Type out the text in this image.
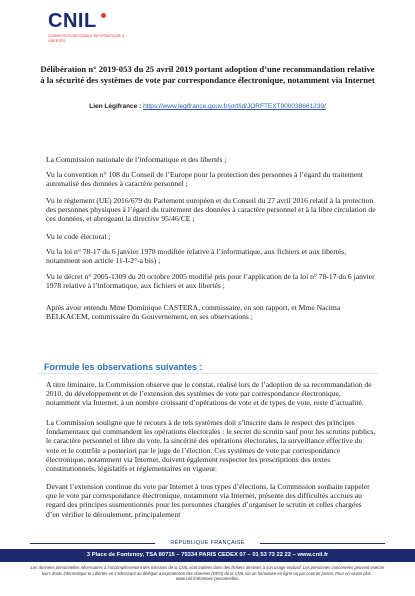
CNIL
COMMISSION NATIONALE INFORMATIQUE & LIBERTÉS
Délibération n° 2019-053 du 25 avril 2019 portant adoption d’une recommandation relative à la sécurité des systèmes de vote par correspondance électronique, notamment via Internet
Lien Légifrance : https://www.legifrance.gouv.fr/jorf/id/JORFTEXT000038661239/
La Commission nationale de l’informatique et des libertés ;
Vu la convention n° 108 du Conseil de l’Europe pour la protection des personnes à l’égard du traitement automatisé des données à caractère personnel ;
Vu le règlement (UE) 2016/679 du Parlement européen et du Conseil du 27 avril 2016 relatif à la protection des personnes physiques à l’égard du traitement des données à caractère personnel et à la libre circulation de ces données, et abrogeant la directive 95/46/CE ;
Vu le code électoral ;
Vu la loi n° 78-17 du 6 janvier 1978 modifiée relative à l’informatique, aux fichiers et aux libertés, notamment son article 11-I-2°-a bis) ;
Vu le décret n° 2005-1309 du 20 octobre 2005 modifié pris pour l’application de la loi n° 78-17 du 6 janvier 1978 relative à l’informatique, aux fichiers et aux libertés ;
Après avoir entendu Mme Dominique CASTERA, commissaire, en son rapport, et Mme Nacima BELKACEM, commissaire du Gouvernement, en ses observations ;
Formule les observations suivantes :
A titre liminaire, la Commission observe que le constat, réalisé lors de l’adoption de sa recommandation de 2010, du développement et de l’extension des systèmes de vote par correspondance électronique, notamment via Internet, à un nombre croissant d’opérations de vote et de types de vote, reste d’actualité.
La Commission souligne que le recours à de tels systèmes doit s’inscrire dans le respect des principes fondamentaux qui commandent les opérations électorales : le secret du scrutin sauf pour les scrutins publics, le caractère personnel et libre du vote, la sincérité des opérations électorales, la surveillance effective du vote et le contrôle a posteriori par le juge de l’élection. Ces systèmes de vote par correspondance électronique, notamment via Internet, doivent également respecter les prescriptions des textes constitutionnels, législatifs et réglementaires en vigueur.
Devant l’extension continue du vote par Internet à tous types d’élections, la Commission souhaite rappeler que le vote par correspondance électronique, notamment via Internet, présente des difficultés accrues au regard des principes susmentionnés pour les personnes chargées d’organiser le scrutin et celles chargées d’en vérifier le déroulement, principalement
RÉPUBLIQUE FRANÇAISE
3 Place de Fontenoy, TSA 80715 – 75334 PARIS CEDEX 07 – 01 53 73 22 22 – www.cnil.fr
Les données personnelles nécessaires à l’accomplissement des missions de la CNIL sont traitées dans des fichiers destinés à son usage exclusif. Les personnes concernées peuvent exercer leurs droits Informatique et Libertés en s’adressant au délégué à la protection des données (DPO) de la CNIL via un formulaire en ligne ou par courrier postal. Pour en savoir plus : www.cnil.fr/donnees-personnelles.
